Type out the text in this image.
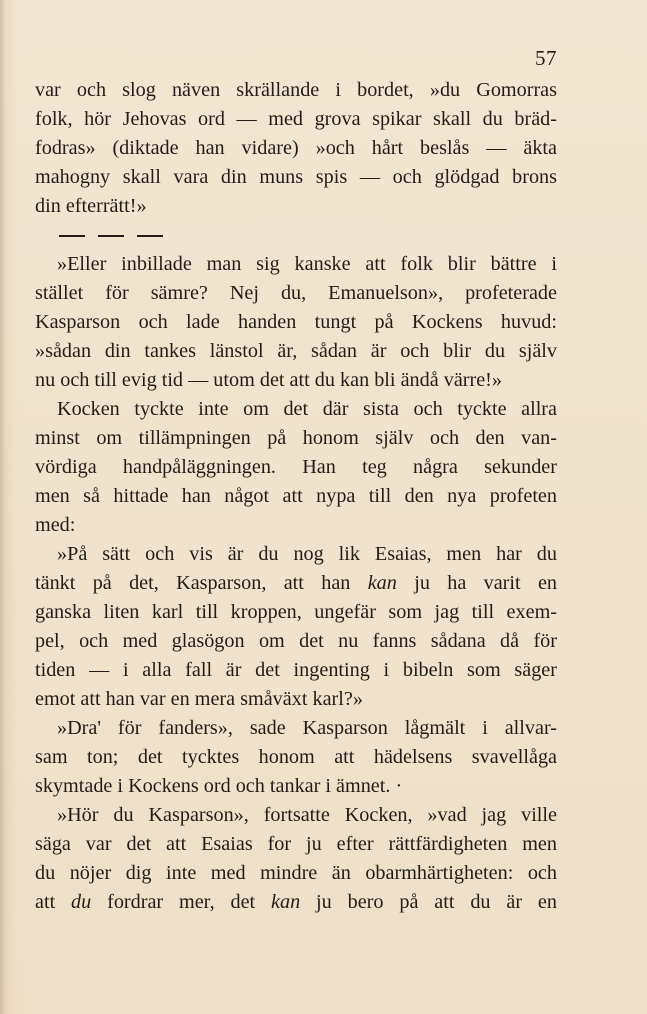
57
var och slog näven skrällande i bordet, »du Gomorras
folk, hör Jehovas ord — med grova spikar skall du bräd-
fodras» (diktade han vidare) »och hårt beslås — äkta
mahogny skall vara din muns spis — och glödgad brons
din efterrätt!»
»Eller inbillade man sig kanske att folk blir bättre i
stället för sämre? Nej du, Emanuelson», profeterade
Kasparson och lade handen tungt på Kockens huvud:
»sådan din tankes länstol är, sådan är och blir du själv
nu och till evig tid — utom det att du kan bli ändå värre!»
Kocken tyckte inte om det där sista och tyckte allra
minst om tillämpningen på honom själv och den van-
vördiga handpåläggningen. Han teg några sekunder
men så hittade han något att nypa till den nya profeten
med:
»På sätt och vis är du nog lik Esaias, men har du
tänkt på det, Kasparson, att han kan ju ha varit en
ganska liten karl till kroppen, ungefär som jag till exem-
pel, och med glasögon om det nu fanns sådana då för
tiden — i alla fall är det ingenting i bibeln som säger
emot att han var en mera småväxt karl?»
»Dra' för fanders», sade Kasparson lågmält i allvar-
sam ton; det tycktes honom att hädelsens svavellåga
skymtade i Kockens ord och tankar i ämnet. ·
»Hör du Kasparson», fortsatte Kocken, »vad jag ville
säga var det att Esaias for ju efter rättfärdigheten men
du nöjer dig inte med mindre än obarmhärtigheten: och
att du fordrar mer, det kan ju bero på att du är en
